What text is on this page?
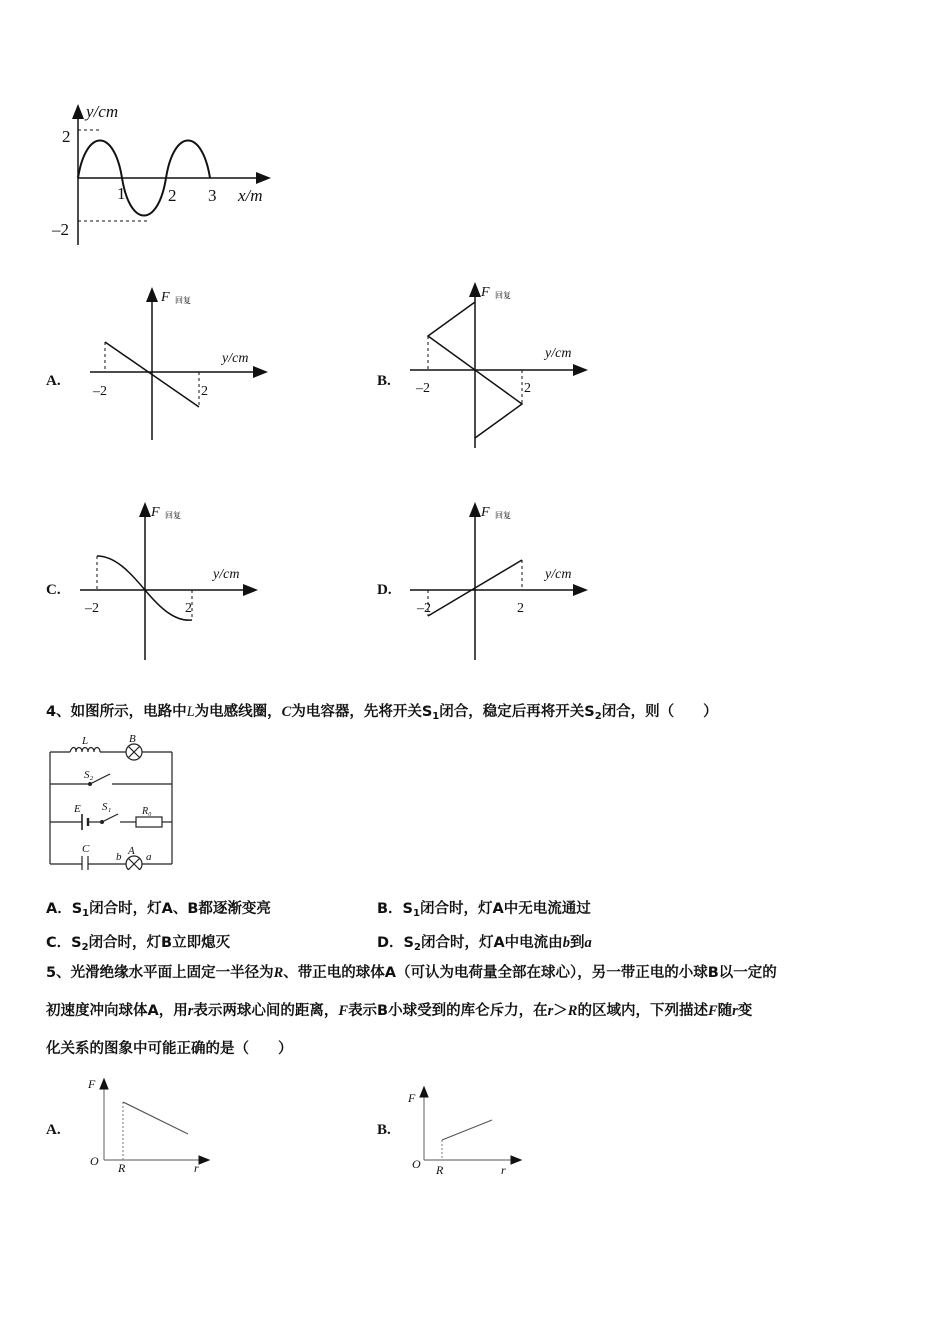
y/cm
x/m
2
–2
1	2 3
A.
F 回复
y/cm
–2	2
B.
F 回复
y/cm
–2	2
C.
F 回复
y/cm
–2	2
D.
F 回复
y/cm
–2	2
4、如图所示，电路中L为电感线圈，C为电容器，先将开关$S_1$闭合，稳定后再将开关$S_2$闭合，则（　　）
L	B
S₂
E S₁	R₀
C	A
b a
A．$S_1$闭合时，灯A、B都逐渐变亮	B．$S_1$闭合时，灯A中无电流通过
C．$S_2$闭合时，灯B立即熄灭	D．$S_2$闭合时，灯A中电流由b到a
5、光滑绝缘水平面上固定一半径为R、带正电的球体A（可认为电荷量全部在球心），另一带正电的小球B以一定的
初速度冲向球体A，用r表示两球心间的距离，F表示B小球受到的库仑斥力，在r＞R的区域内，下列描述F随r变
化关系的图象中可能正确的是（　　）
A.
F
O R	r
B.
F
O R	r
